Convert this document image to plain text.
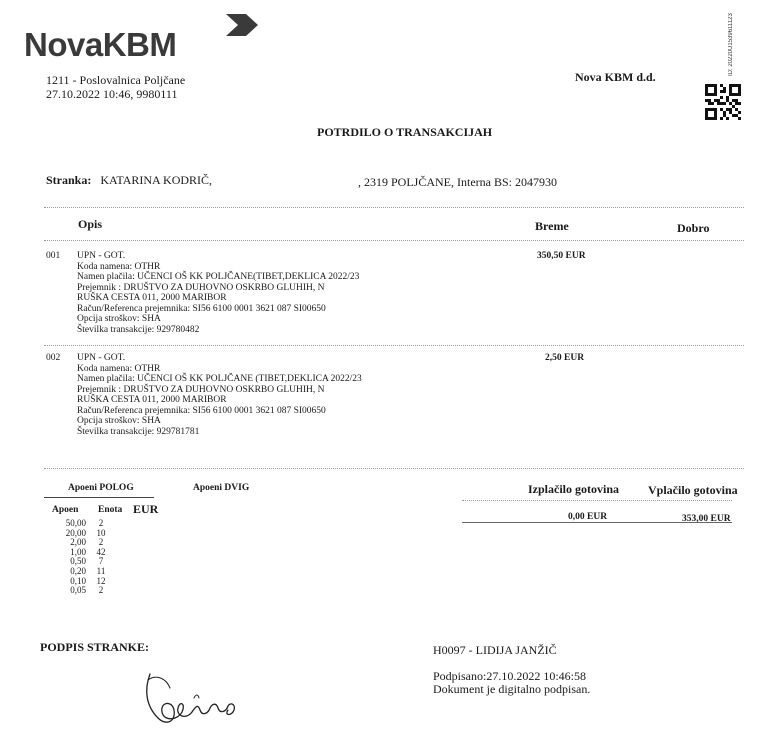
NovaKBM	ID: 20220U1539611123
1211 - Poslovalnica Poljčane
27.10.2022 10:46, 9980111
Nova KBM d.d.
POTRDILO O TRANSAKCIJAH
Stranka: KATARINA KODRIČ,	, 2319 POLJČANE, Interna BS: 2047930
Opis	Breme	Dobro
001 UPN - GOT.
Koda namena: OTHR
Namen plačila: UČENCI OŠ KK POLJČANE(TIBET,DEKLICA 2022/23
Prejemnik : DRUŠTVO ZA DUHOVNO OSKRBO GLUHIH, N
RUŠKA CESTA 011, 2000 MARIBOR
Račun/Referenca prejemnika: SI56 6100 0001 3621 087 SI00650
Opcija stroškov: SHA
Številka transakcije: 929780482
350,50 EUR
002 UPN - GOT.
Koda namena: OTHR
Namen plačila: UČENCI OŠ KK POLJČANE (TIBET,DEKLICA 2022/23
Prejemnik : DRUŠTVO ZA DUHOVNO OSKRBO GLUHIH, N
RUŠKA CESTA 011, 2000 MARIBOR
Račun/Referenca prejemnika: SI56 6100 0001 3621 087 SI00650
Opcija stroškov: SHA
Številka transakcije: 929781781
2,50 EUR
Apoeni POLOG	Apoeni DVIG	Izplačilo gotovina Vplačilo gotovina
Apoen Enota EUR
0,00 EUR	353,00 EUR
50,00	2
20,00	10
2,00	2
1,00	42
0,50	7
0,20	11
0,10	12
0,05	2
PODPIS STRANKE:	H0097 - LIDIJA JANŽIČ
Podpisano:27.10.2022 10:46:58
Dokument je digitalno podpisan.
